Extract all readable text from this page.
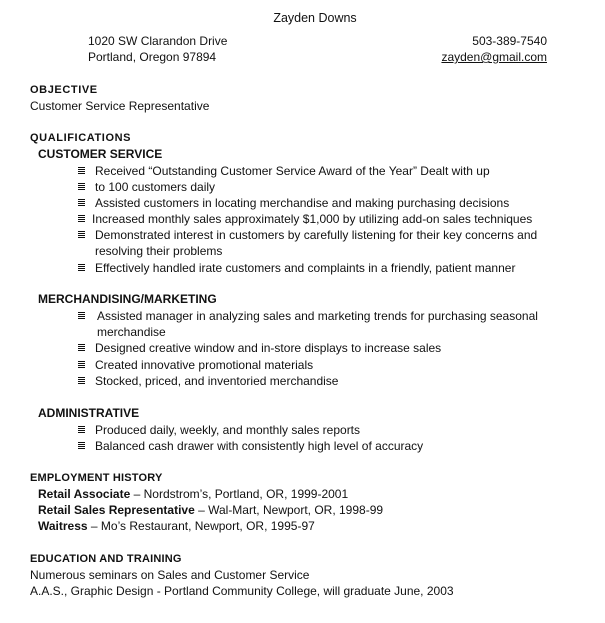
Zayden Downs
1020 SW Clarandon Drive
Portland, Oregon 97894
503-389-7540
zayden@gmail.com
OBJECTIVE
Customer Service Representative
QUALIFICATIONS
CUSTOMER SERVICE
Received “Outstanding Customer Service Award of the Year” Dealt with up
to 100 customers daily
Assisted customers in locating merchandise and making purchasing decisions
Increased monthly sales approximately $1,000 by utilizing add-on sales techniques
Demonstrated interest in customers by carefully listening for their key concerns and
resolving their problems
Effectively handled irate customers and complaints in a friendly, patient manner
MERCHANDISING/MARKETING
Assisted manager in analyzing sales and marketing trends for purchasing seasonal
merchandise
Designed creative window and in-store displays to increase sales
Created innovative promotional materials
Stocked, priced, and inventoried merchandise
ADMINISTRATIVE
Produced daily, weekly, and monthly sales reports
Balanced cash drawer with consistently high level of accuracy
EMPLOYMENT HISTORY
Retail Associate – Nordstrom’s, Portland, OR, 1999-2001
Retail Sales Representative – Wal-Mart, Newport, OR, 1998-99
Waitress – Mo’s Restaurant, Newport, OR, 1995-97
EDUCATION AND TRAINING
Numerous seminars on Sales and Customer Service
A.A.S., Graphic Design - Portland Community College, will graduate June, 2003
